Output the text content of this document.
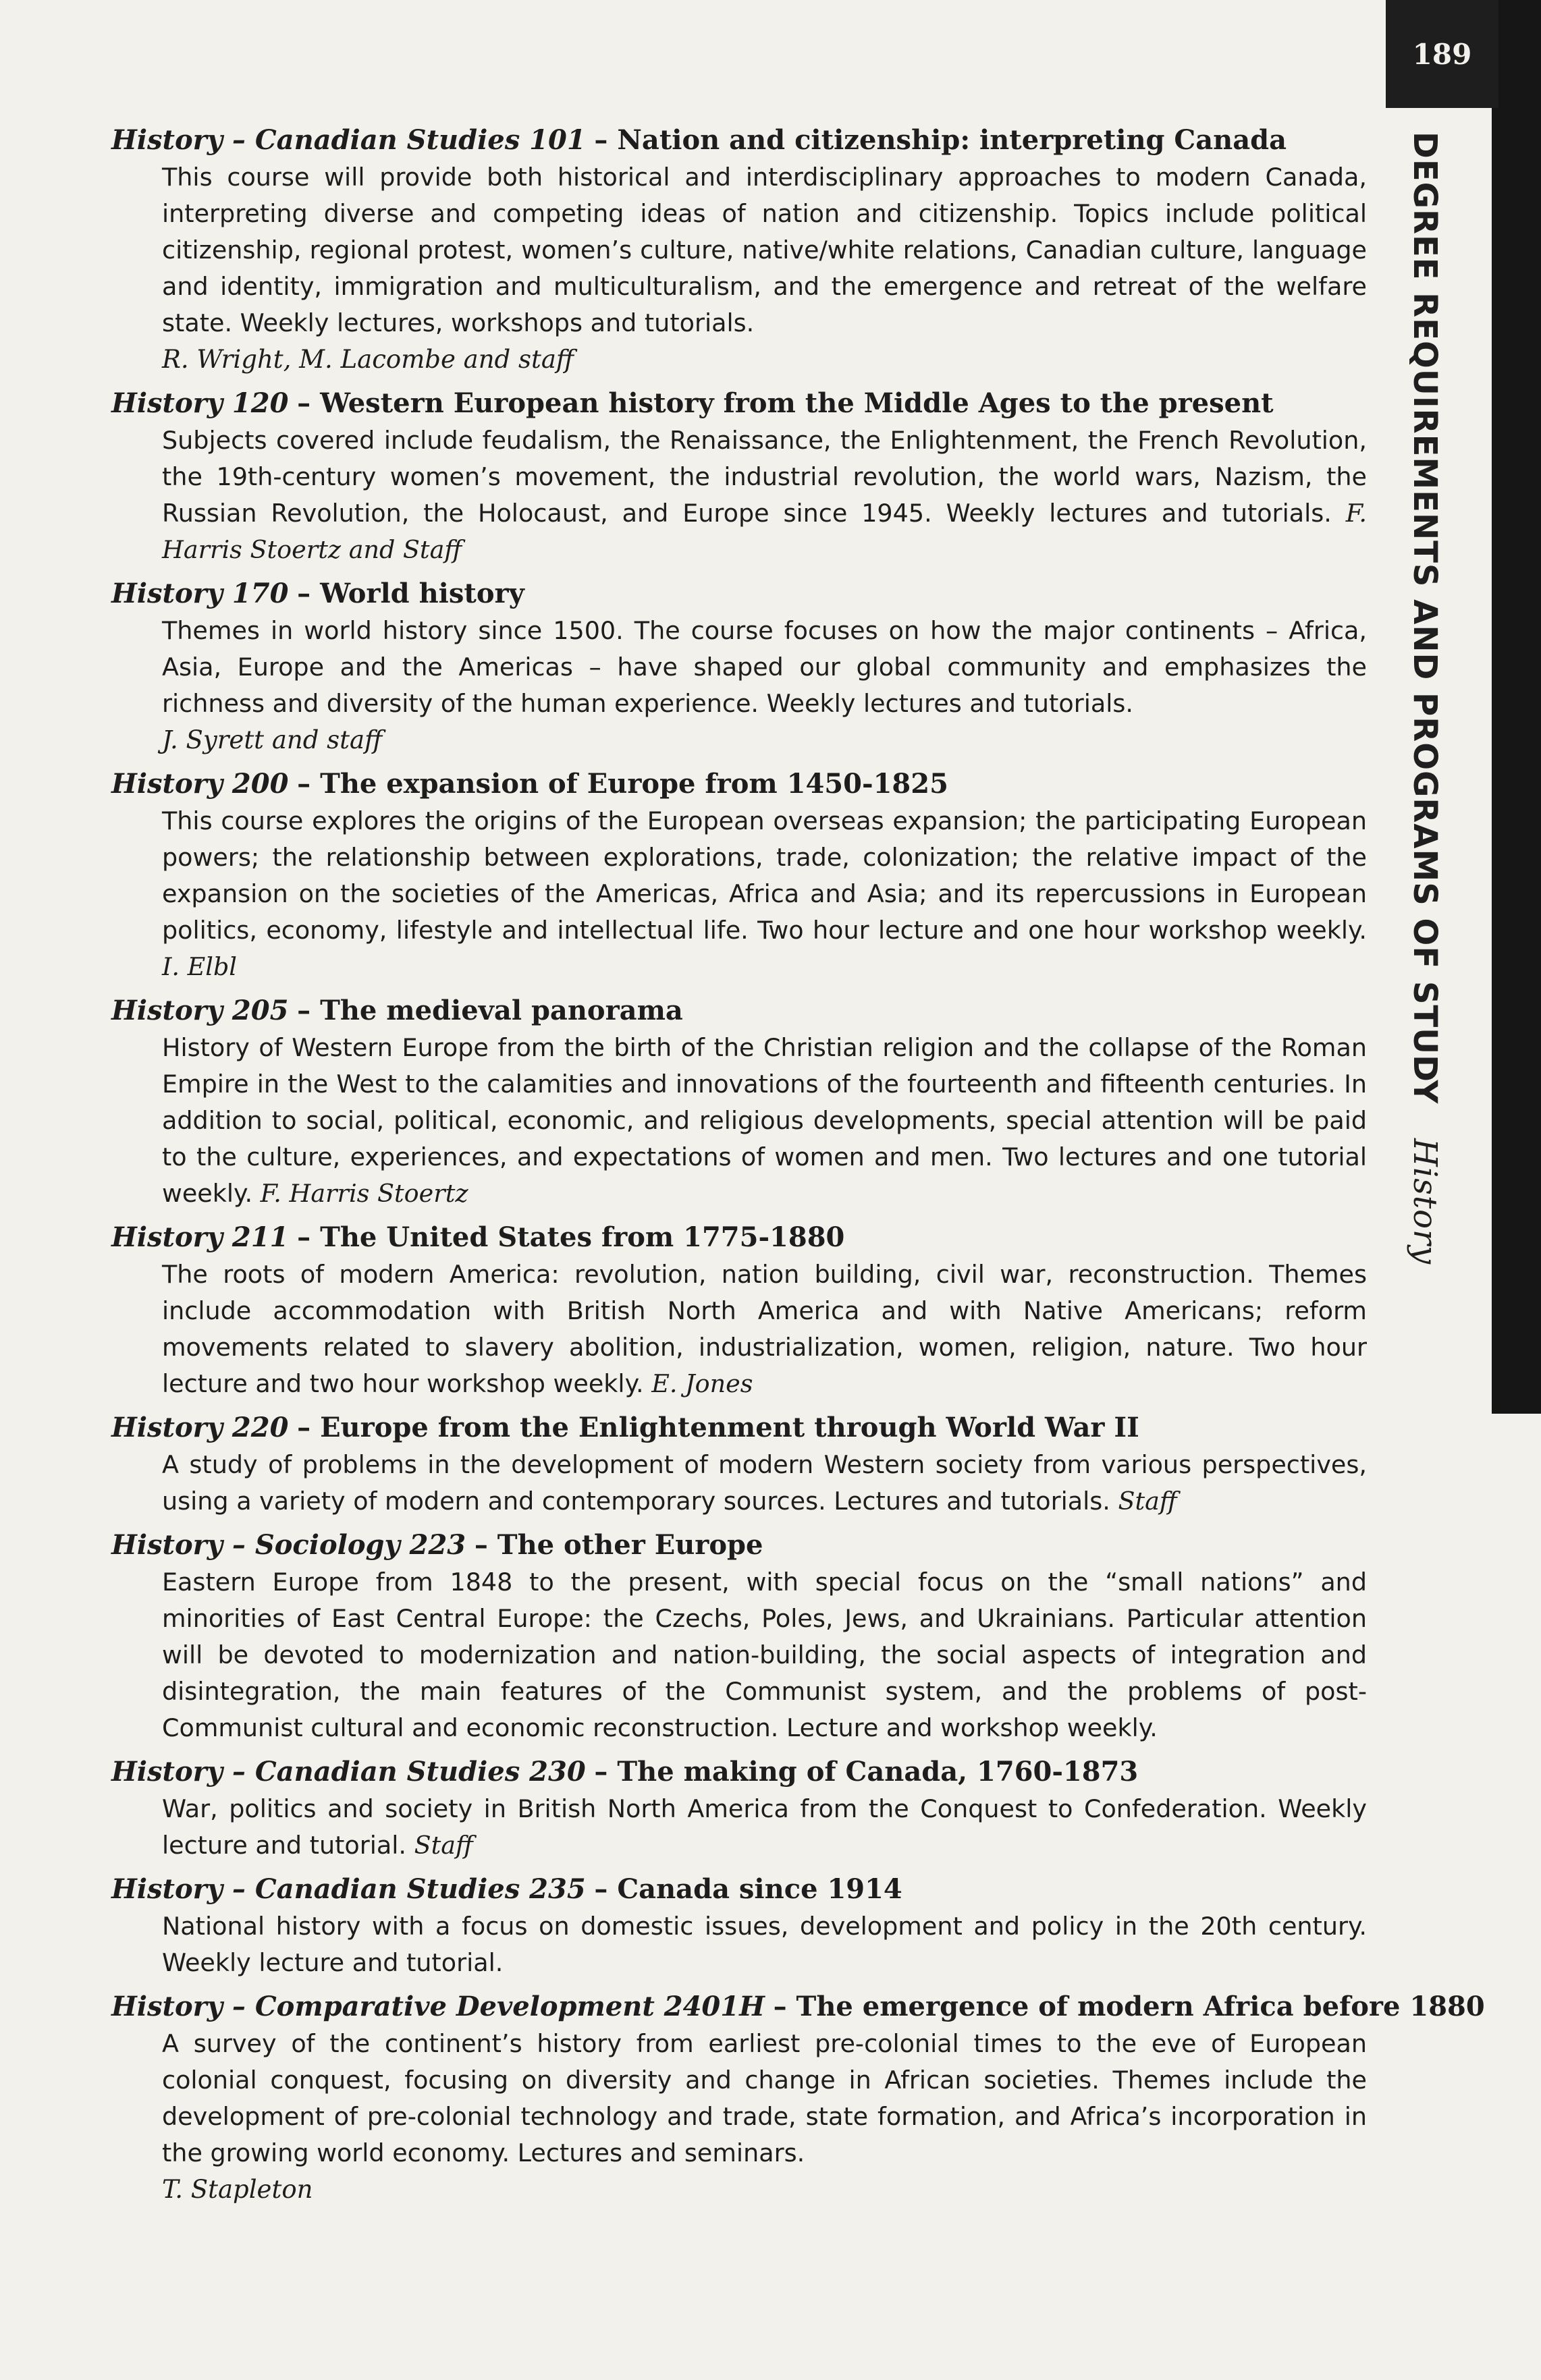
189
DEGREE REQUIREMENTS AND PROGRAMS OF STUDY History
History – Canadian Studies 101 – Nation and citizenship: interpreting Canada
This course will provide both historical and interdisciplinary approaches to modern Canada, interpreting diverse and competing ideas of nation and citizenship. Topics include political citizenship, regional protest, women’s culture, native/white relations, Canadian culture, language and identity, immigration and multiculturalism, and the emergence and retreat of the welfare state. Weekly lectures, workshops and tutorials.
R. Wright, M. Lacombe and staff
History 120 – Western European history from the Middle Ages to the present
Subjects covered include feudalism, the Renaissance, the Enlightenment, the French Revolution, the 19th-century women’s movement, the industrial revolution, the world wars, Nazism, the Russian Revolution, the Holocaust, and Europe since 1945. Weekly lectures and tutorials. F. Harris Stoertz and Staff
History 170 – World history
Themes in world history since 1500. The course focuses on how the major continents – Africa, Asia, Europe and the Americas – have shaped our global community and emphasizes the richness and diversity of the human experience. Weekly lectures and tutorials.
J. Syrett and staff
History 200 – The expansion of Europe from 1450-1825
This course explores the origins of the European overseas expansion; the participating European powers; the relationship between explorations, trade, colonization; the relative impact of the expansion on the societies of the Americas, Africa and Asia; and its repercussions in European politics, economy, lifestyle and intellectual life. Two hour lecture and one hour workshop weekly. I. Elbl
History 205 – The medieval panorama
History of Western Europe from the birth of the Christian religion and the collapse of the Roman Empire in the West to the calamities and innovations of the fourteenth and fifteenth centuries. In addition to social, political, economic, and religious developments, special attention will be paid to the culture, experiences, and expectations of women and men. Two lectures and one tutorial weekly. F. Harris Stoertz
History 211 – The United States from 1775-1880
The roots of modern America: revolution, nation building, civil war, reconstruction. Themes include accommodation with British North America and with Native Americans; reform movements related to slavery abolition, industrialization, women, religion, nature. Two hour lecture and two hour workshop weekly. E. Jones
History 220 – Europe from the Enlightenment through World War II
A study of problems in the development of modern Western society from various perspectives, using a variety of modern and contemporary sources. Lectures and tutorials. Staff
History – Sociology 223 – The other Europe
Eastern Europe from 1848 to the present, with special focus on the “small nations” and minorities of East Central Europe: the Czechs, Poles, Jews, and Ukrainians. Particular attention will be devoted to modernization and nation-building, the social aspects of integration and disintegration, the main features of the Communist system, and the problems of post-Communist cultural and economic reconstruction. Lecture and workshop weekly.
History – Canadian Studies 230 – The making of Canada, 1760-1873
War, politics and society in British North America from the Conquest to Confederation. Weekly lecture and tutorial. Staff
History – Canadian Studies 235 – Canada since 1914
National history with a focus on domestic issues, development and policy in the 20th century. Weekly lecture and tutorial.
History – Comparative Development 2401H – The emergence of modern Africa before 1880
A survey of the continent’s history from earliest pre-colonial times to the eve of European colonial conquest, focusing on diversity and change in African societies. Themes include the development of pre-colonial technology and trade, state formation, and Africa’s incorporation in the growing world economy. Lectures and seminars.
T. Stapleton
